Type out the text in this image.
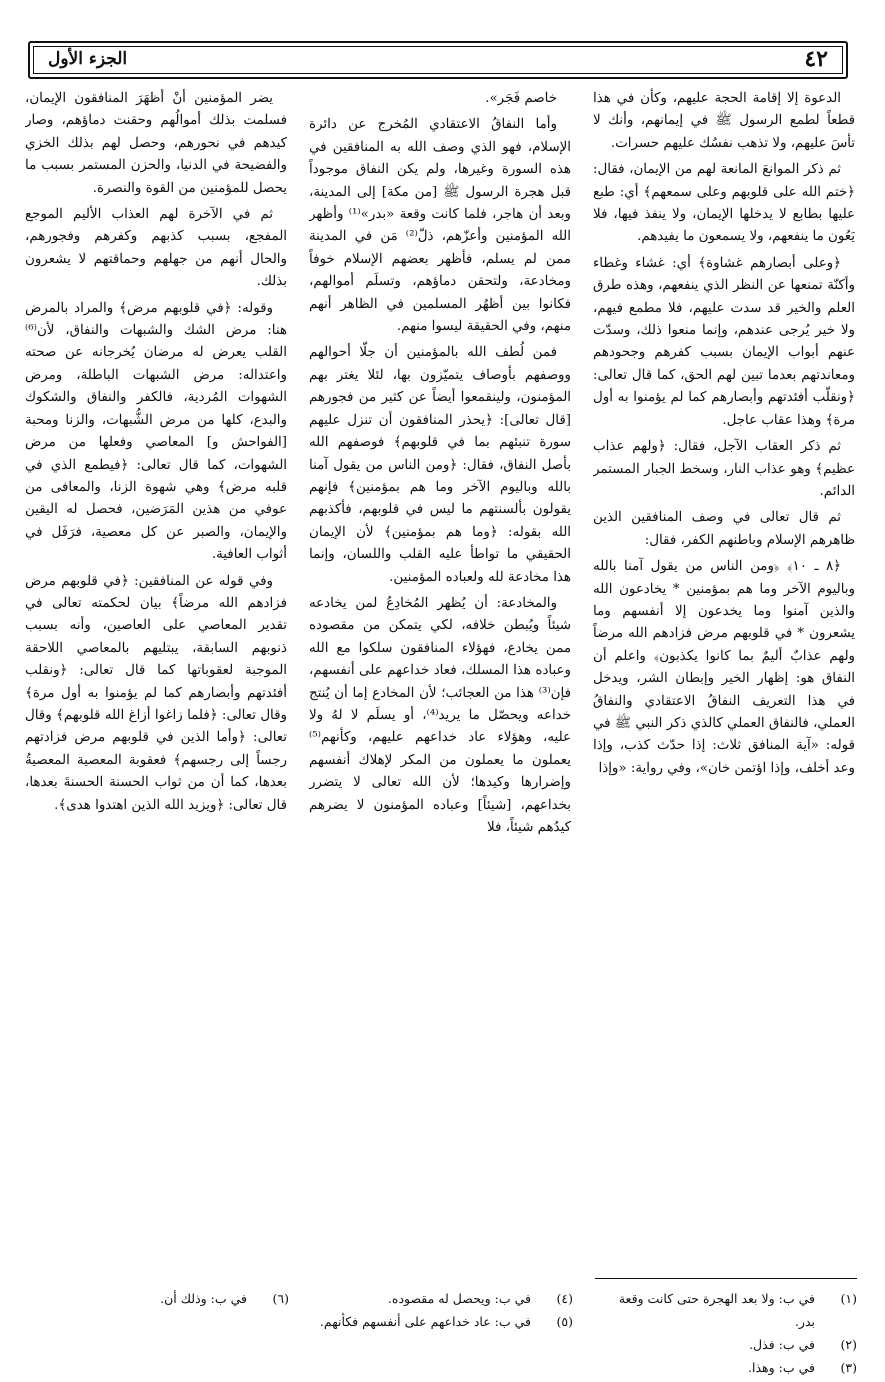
٤٢
الجزء الأول

الدعوة إلا إقامة الحجة عليهم، وكأن في هذا قطعاً لطمع الرسول ﷺ في إيمانهم، وأنك لا تأسَ عليهم، ولا تذهب نفسُك عليهم حسرات.

ثم ذكر الموانعَ المانعة لهم من الإيمان، فقال: ﴿ختم الله على قلوبهم وعلى سمعهم﴾ أي: طبع عليها بطابع لا يدخلها الإيمان، ولا ينفذ فيها، فلا يَعُون ما ينفعهم، ولا يسمعون ما يفيدهم.

﴿وعلى أبصارهم غشاوة﴾ أي: غشاء وغطاء وأكنّة تمنعها عن النظر الذي ينفعهم، وهذه طرق العلم والخير قد سدت عليهم، فلا مطمع فيهم، ولا خير يُرجى عندهم، وإنما منعوا ذلك، وسدّت عنهم أبواب الإيمان بسبب كفرهم وجحودهم ومعاندتهم بعدما تبين لهم الحق، كما قال تعالى: ﴿ونقلّب أفئدتهم وأبصارهم كما لم يؤمنوا به أول مرة﴾ وهذا عقاب عاجل.

ثم ذكر العقاب الآجل، فقال: ﴿ولهم عذاب عظيم﴾ وهو عذاب النار، وسخط الجبار المستمر الدائم.

ثم قال تعالى في وصف المنافقين الذين ظاهرهم الإسلام وباطنهم الكفر، فقال:

﴿٨ ـ ١٠﴾ ﴿ومن الناس من يقول آمنا بالله وباليوم الآخر وما هم بمؤمنين * يخادعون الله والذين آمنوا وما يخدعون إلا أنفسهم وما يشعرون * في قلوبهم مرض فزادهم الله مرضاً ولهم عذابٌ أليمٌ بما كانوا يكذبون﴾ واعلم أن النفاق هو: إظهار الخير وإبطان الشر، ويدخل في هذا التعريف النفاقُ الاعتقادي والنفاقُ العملي، فالنفاق العملي كالذي ذكر النبي ﷺ في قوله: «آية المنافق ثلاث: إذا حدّث كذب، وإذا وعد أخلف، وإذا اؤتمن خان»، وفي رواية: «وإذا

خاصم فَجَر».

وأما النفاقُ الاعتقادي المُخرج عن دائرة الإسلام، فهو الذي وصف الله به المنافقين في هذه السورة وغيرها، ولم يكن النفاق موجوداً قبل هجرة الرسول ﷺ [من مكة] إلى المدينة، وبعد أن هاجر، فلما كانت وقعة «بدر»⁽¹⁾ وأظهر الله المؤمنين وأعزّهم، ذلّ⁽²⁾ مَن في المدينة ممن لم يسلم، فأظهر بعضهم الإسلام خوفاً ومخادعة، ولتحقن دماؤهم، وتسلَم أموالهم، فكانوا بين أظهُر المسلمين في الظاهر أنهم منهم، وفي الحقيقة ليسوا منهم.

فمن لُطف الله بالمؤمنين أن جلّا أحوالهم ووصفهم بأوصاف يتميّزون بها، لئلا يغتر بهم المؤمنون، ولينقمعوا أيضاً عن كثير من فجورهم [قال تعالى]: ﴿يحذر المنافقون أن تنزل عليهم سورة تنبئهم بما في قلوبهم﴾ فوصفهم الله بأصل النفاق، فقال: ﴿ومن الناس من يقول آمنا بالله وباليوم الآخر وما هم بمؤمنين﴾ فإنهم يقولون بألسنتهم ما ليس في قلوبهم، فأكذبهم الله بقوله: ﴿وما هم بمؤمنين﴾ لأن الإيمان الحقيقي ما تواطأ عليه القلب واللسان، وإنما هذا مخادعة لله ولعباده المؤمنين.

والمخادعة: أن يُظهر المُخادِعُ لمن يخادعه شيئاً ويُبطن خلافه، لكي يتمكن من مقصوده ممن يخادع، فهؤلاء المنافقون سلكوا مع الله وعباده هذا المسلك، فعاد خداعهم على أنفسهم، فإن⁽³⁾ هذا من العجائب؛ لأن المخادع إما أن يُنتج خداعه ويحصّل ما يريد⁽⁴⁾، أو يسلَم لا لهُ ولا عليه، وهؤلاء عاد خداعهم عليهم، وكأنهم⁽⁵⁾ يعملون ما يعملون من المكر لإهلاك أنفسهم وإضرارها وكيدها؛ لأن الله تعالى لا يتضرر بخداعهم، [شيئاً] وعباده المؤمنون لا يضرهم كيدُهم شيئاً، فلا

يضر المؤمنين أنْ أظهَرَ المنافقون الإيمان، فسلمت بذلك أموالُهم وحقنت دماؤهم، وصار كيدهم في نحورهم، وحصل لهم بذلك الخزي والفضيحة في الدنيا، والحزن المستمر بسبب ما يحصل للمؤمنين من القوة والنصرة.

ثم في الآخرة لهم العذاب الأليم الموجع المفجع، بسبب كذبهم وكفرهم وفجورهم، والحال أنهم من جهلهم وحماقتهم لا يشعرون بذلك.

وقوله: ﴿في قلوبهم مرض﴾ والمراد بالمرض هنا: مرض الشك والشبهات والنفاق، لأن⁽⁶⁾ القلب يعرض له مرضان يُخرجانه عن صحته واعتداله: مرض الشبهات الباطلة، ومرض الشهوات المُردية، فالكفر والنفاق والشكوك والبدع، كلها من مرض الشُّبهات، والزنا ومحبة [الفواحش و] المعاصي وفعلها من مرض الشهوات، كما قال تعالى: ﴿فيطمع الذي في قلبه مرض﴾ وهي شهوة الزنا، والمعافى من عوفي من هذين المَرَضين، فحصل له اليقين والإيمان، والصبر عن كل معصية، فرَفَل في أثواب العافية.

وفي قوله عن المنافقين: ﴿في قلوبهم مرض فزادهم الله مرضاً﴾ بيان لحكمته تعالى في تقدير المعاصي على العاصين، وأنه بسبب ذنوبهم السابقة، يبتليهم بالمعاصي اللاحقة الموجبة لعقوباتها كما قال تعالى: ﴿ونقلب أفئدتهم وأبصارهم كما لم يؤمنوا به أول مرة﴾ وقال تعالى: ﴿فلما زاغوا أزاغ الله قلوبهم﴾ وقال تعالى: ﴿وأما الذين في قلوبهم مرض فزادتهم رجساً إلى رجسهم﴾ فعقوبة المعصية المعصيةُ بعدها، كما أن من ثواب الحسنة الحسنةَ بعدها، قال تعالى: ﴿ويزيد الله الذين اهتدوا هدى﴾.

(١)
في ب: ولا بعد الهجرة حتى كانت وقعة بدر.
(٢)
في ب: فذل.
(٣)
في ب: وهذا.
(٤)
في ب: ويحصل له مقصوده.
(٥)
في ب: عاد خداعهم على أنفسهم فكأنهم.
(٦)
في ب: وذلك أن.
